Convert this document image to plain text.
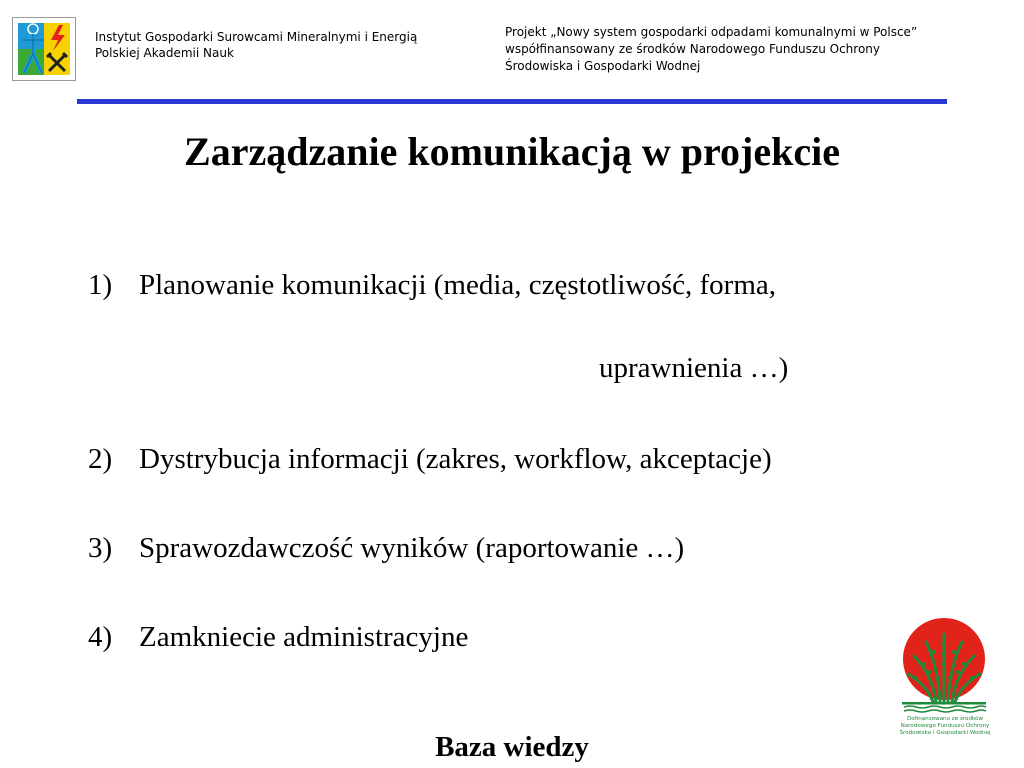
Instytut Gospodarki Surowcami Mineralnymi i Energią
Polskiej Akademii Nauk
Projekt „Nowy system gospodarki odpadami komunalnymi w Polsce”
współfinansowany ze środków Narodowego Funduszu Ochrony
Środowiska i Gospodarki Wodnej
Zarządzanie komunikacją w projekcie
1) Planowanie komunikacji (media, częstotliwość, forma,
uprawnienia …)
2) Dystrybucja informacji (zakres, workflow, akceptacje)
3) Sprawozdawczość wyników (raportowanie …)
4) Zamkniecie administracyjne
Baza wiedzy
Dofinansowano ze środków
Narodowego Funduszu Ochrony
Środowiska i Gospodarki Wodnej
